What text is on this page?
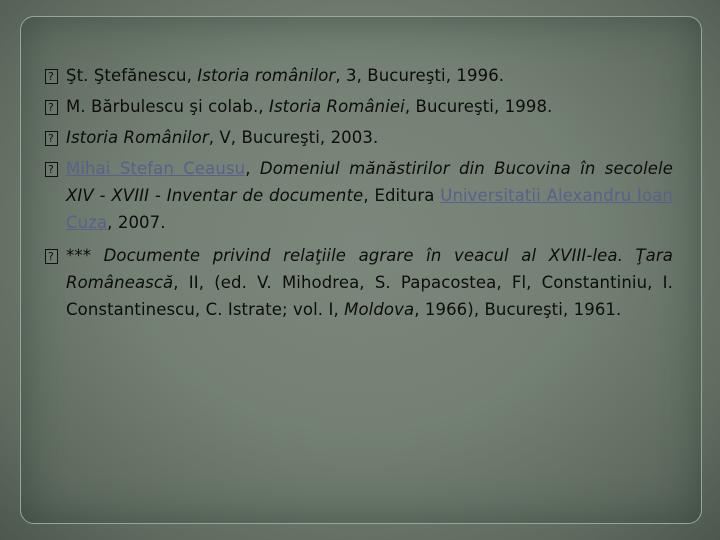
?
Şt. Ştefănescu, Istoria românilor, 3, Bucureşti, 1996.
?
M. Bărbulescu şi colab., Istoria României, Bucureşti, 1998.
?
Istoria Românilor, V, Bucureşti, 2003.
?
Mihai Stefan Ceausu, Domeniul mănăstirilor din Bucovina în secolele XIV - XVIII - Inventar de documente, Editura Universitatii Alexandru Ioan Cuza, 2007.
?
*** Documente privind relaţiile agrare în veacul al XVIII-lea. Ţara Românească, II, (ed. V. Mihodrea, S. Papacostea, Fl, Constantiniu, I. Constantinescu, C. Istrate; vol. I, Moldova, 1966), Bucureşti, 1961.
